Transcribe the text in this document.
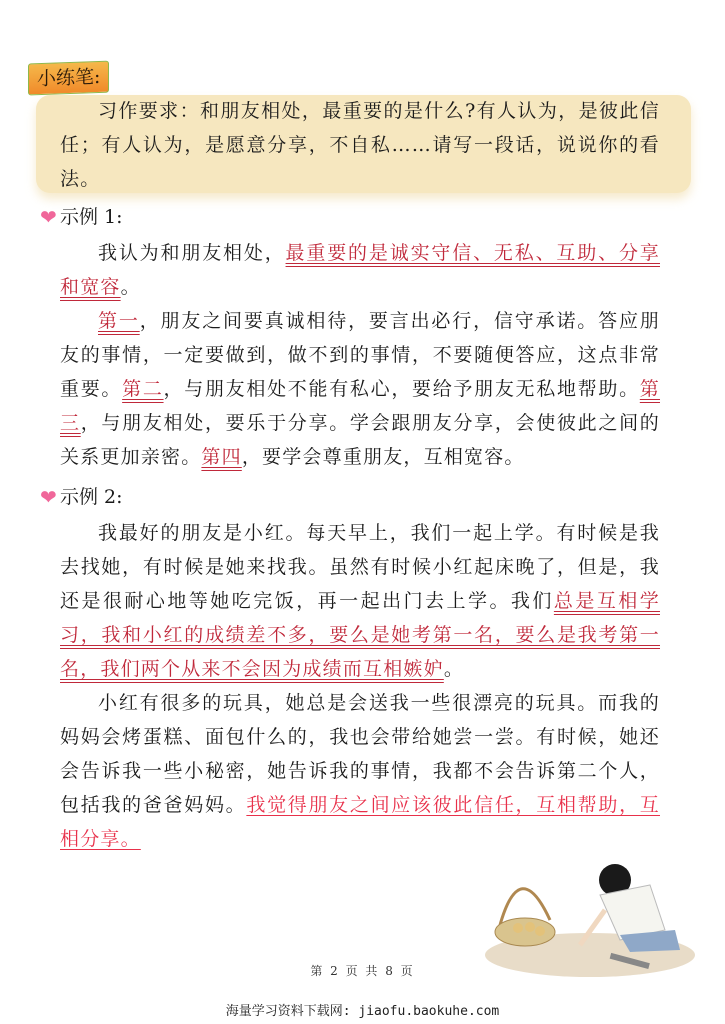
小练笔:
习作要求：和朋友相处，最重要的是什么?有人认为，是彼此信任；有人认为，是愿意分享，不自私……请写一段话，说说你的看法。
❤ 示例 1:
我认为和朋友相处，最重要的是诚实守信、无私、互助、分享和宽容。
第一，朋友之间要真诚相待，要言出必行，信守承诺。答应朋友的事情，一定要做到，做不到的事情，不要随便答应，这点非常重要。第二，与朋友相处不能有私心，要给予朋友无私地帮助。第三，与朋友相处，要乐于分享。学会跟朋友分享，会使彼此之间的关系更加亲密。第四，要学会尊重朋友，互相宽容。
❤ 示例 2:
我最好的朋友是小红。每天早上，我们一起上学。有时候是我去找她，有时候是她来找我。虽然有时候小红起床晚了，但是，我还是很耐心地等她吃完饭，再一起出门去上学。我们总是互相学习，我和小红的成绩差不多，要么是她考第一名，要么是我考第一名，我们两个从来不会因为成绩而互相嫉妒。
小红有很多的玩具，她总是会送我一些很漂亮的玩具。而我的妈妈会烤蛋糕、面包什么的，我也会带给她尝一尝。有时候，她还会告诉我一些小秘密，她告诉我的事情，我都不会告诉第二个人，包括我的爸爸妈妈。我觉得朋友之间应该彼此信任，互相帮助，互相分享。
第 2 页 共 8 页
海量学习资料下载网: jiaofu.baokuhe.com
